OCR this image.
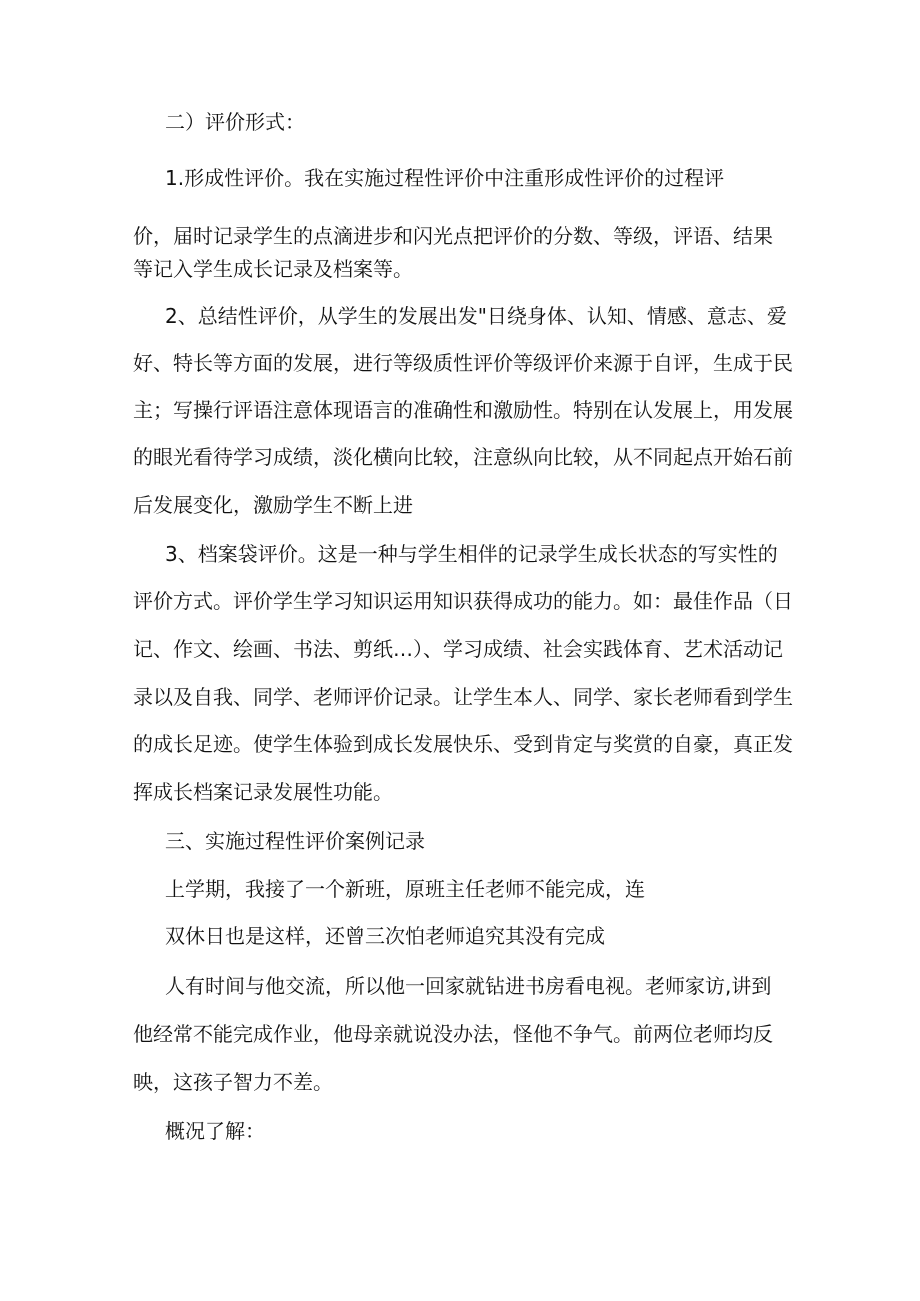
二）评价形式：

1.形成性评价。我在实施过程性评价中注重形成性评价的过程评

价，届时记录学生的点滴进步和闪光点把评价的分数、等级，评语、结果

等记入学生成长记录及档案等。

2、总结性评价，从学生的发展出发"日绕身体、认知、情感、意志、爱

好、特长等方面的发展，进行等级质性评价等级评价来源于自评，生成于民

主；写操行评语注意体现语言的准确性和激励性。特别在认发展上，用发展

的眼光看待学习成绩，淡化横向比较，注意纵向比较，从不同起点开始石前

后发展变化，激励学生不断上进

3、档案袋评价。这是一种与学生相伴的记录学生成长状态的写实性的

评价方式。评价学生学习知识运用知识获得成功的能力。如：最佳作品（日

记、作文、绘画、书法、剪纸…）、学习成绩、社会实践体育、艺术活动记

录以及自我、同学、老师评价记录。让学生本人、同学、家长老师看到学生

的成长足迹。使学生体验到成长发展快乐、受到肯定与奖赏的自豪，真正发

挥成长档案记录发展性功能。

三、实施过程性评价案例记录

上学期，我接了一个新班，原班主任老师不能完成，连

双休日也是这样，还曾三次怕老师追究其没有完成

人有时间与他交流，所以他一回家就钻进书房看电视。老师家访,讲到

他经常不能完成作业，他母亲就说没办法，怪他不争气。前两位老师均反

映，这孩子智力不差。

概况了解：
